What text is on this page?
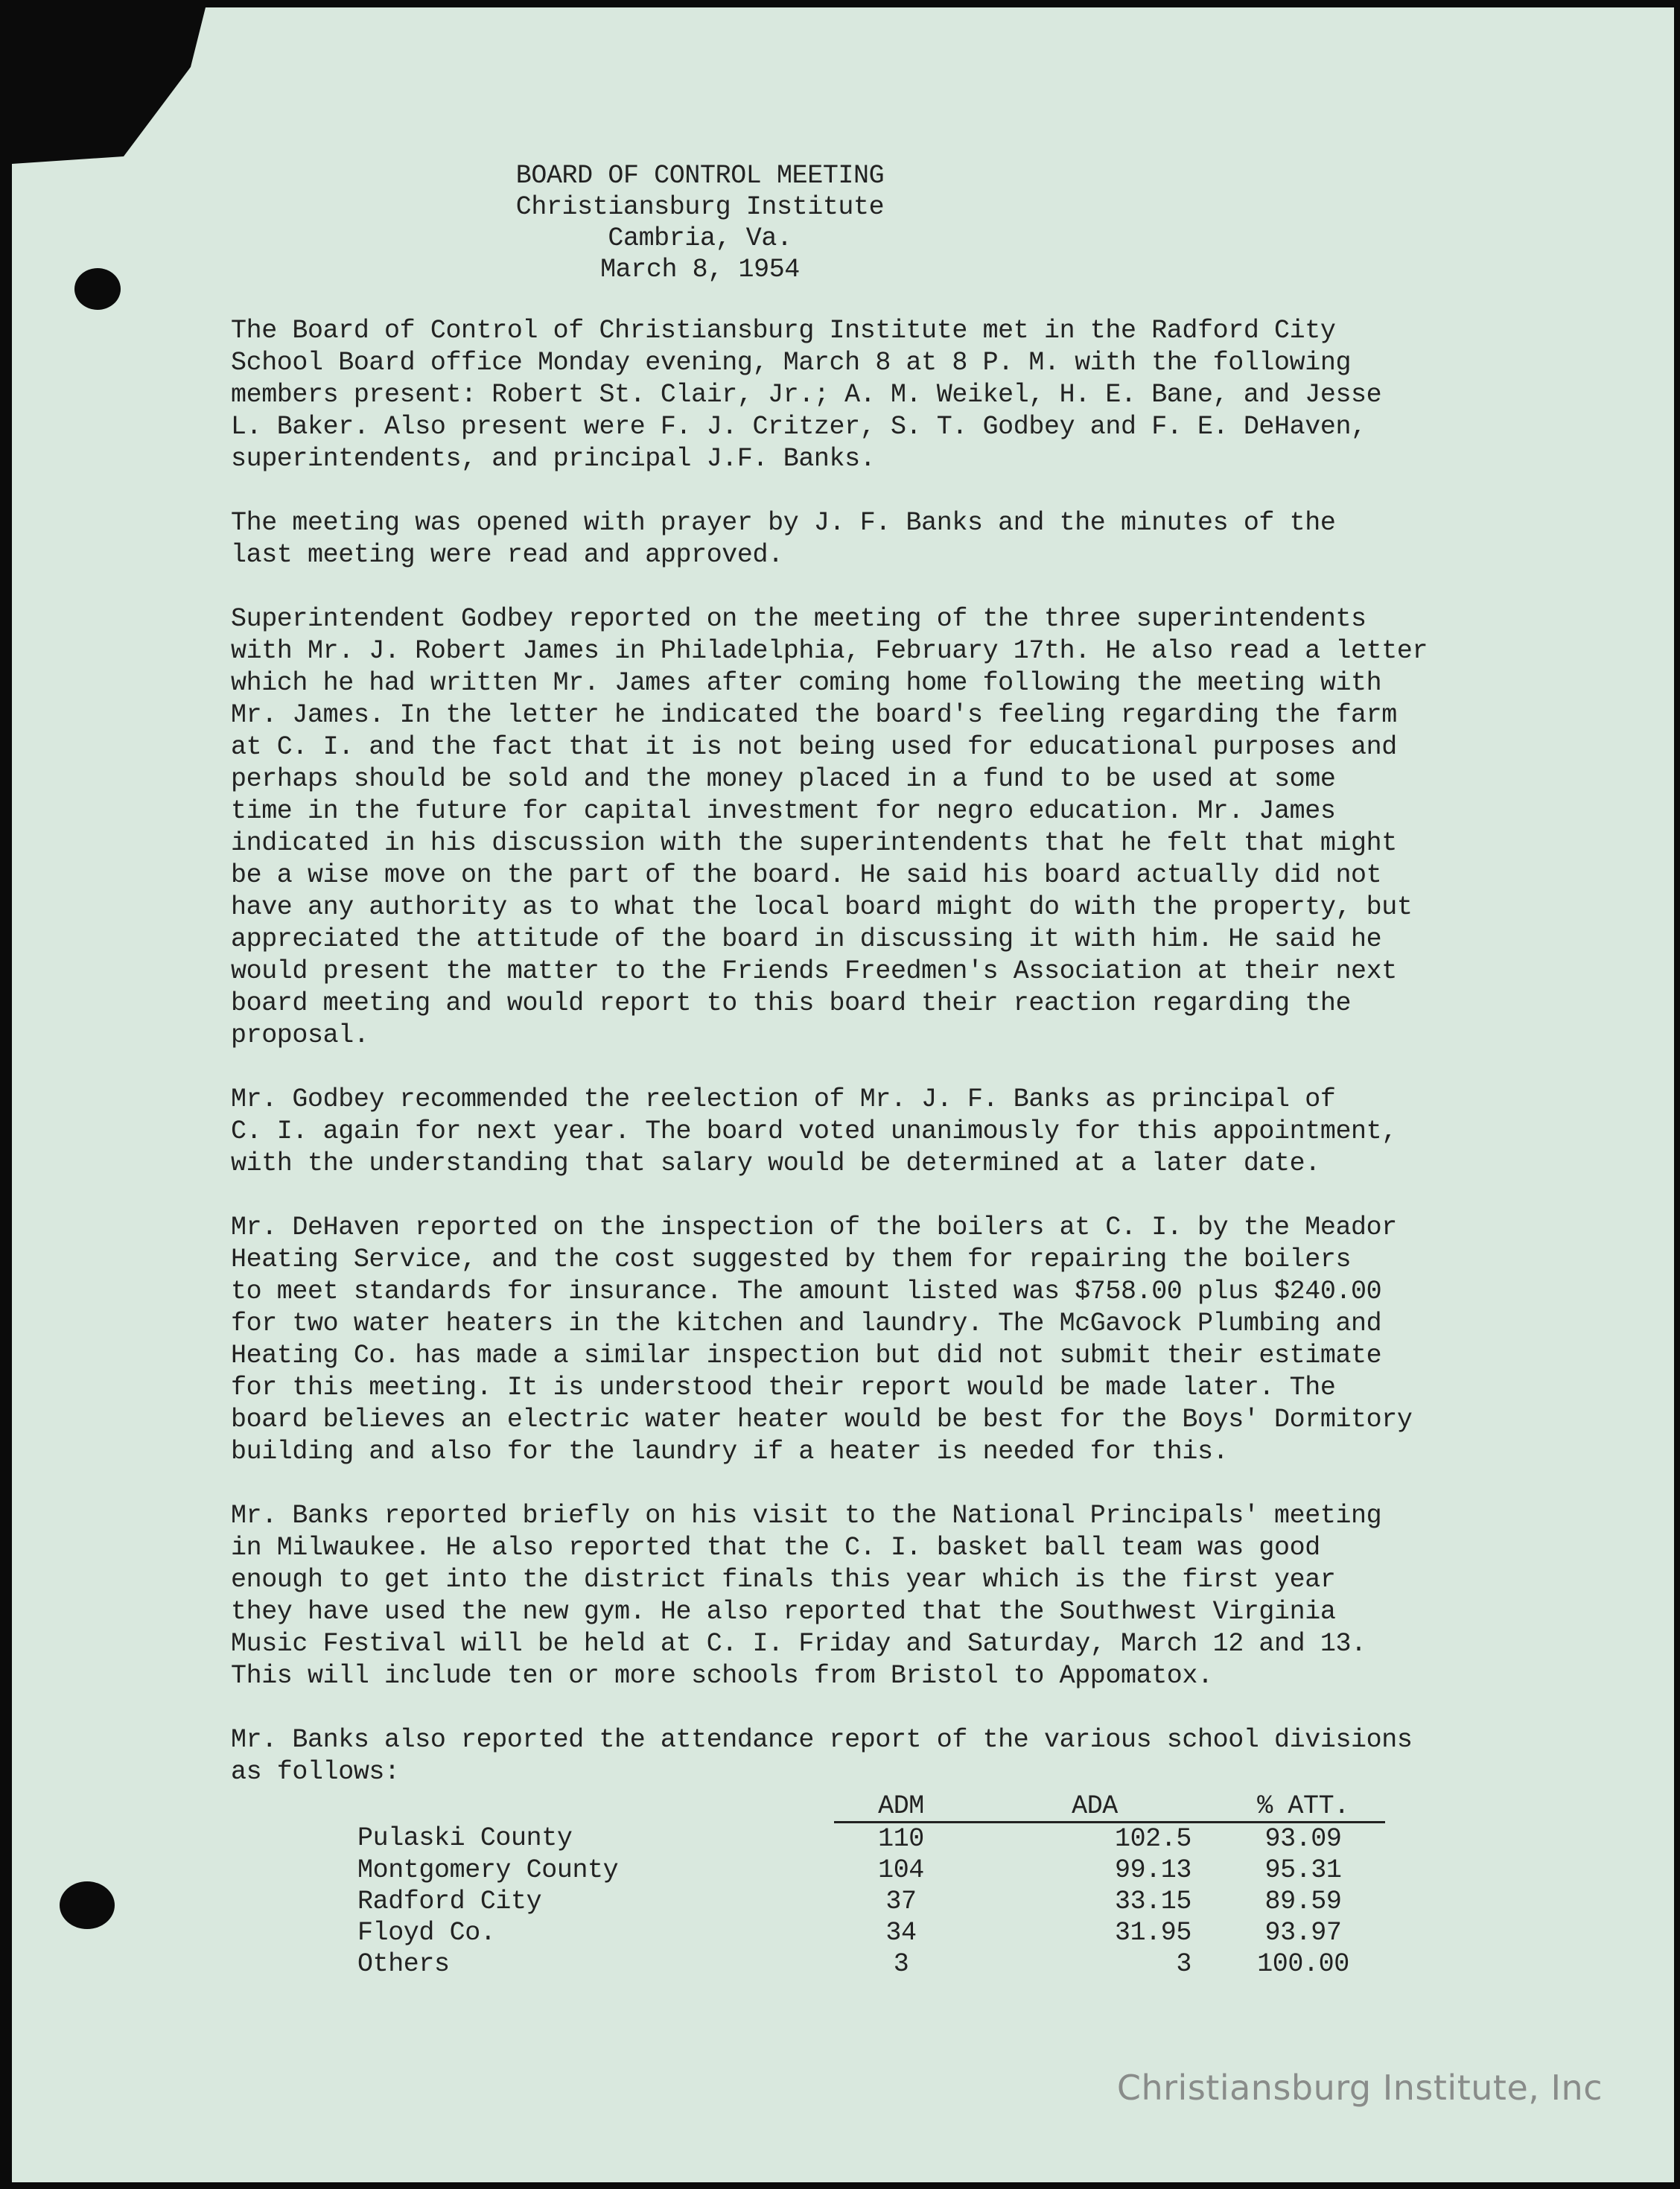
BOARD OF CONTROL MEETING
Christiansburg Institute
Cambria, Va.
March 8, 1954

The Board of Control of Christiansburg Institute met in the Radford City
School Board office Monday evening, March 8 at 8 P. M. with the following
members present: Robert St. Clair, Jr.; A. M. Weikel, H. E. Bane, and Jesse
L. Baker. Also present were F. J. Critzer, S. T. Godbey and F. E. DeHaven,
superintendents, and principal J.F. Banks.

The meeting was opened with prayer by J. F. Banks and the minutes of the
last meeting were read and approved.

Superintendent Godbey reported on the meeting of the three superintendents
with Mr. J. Robert James in Philadelphia, February 17th. He also read a letter
which he had written Mr. James after coming home following the meeting with
Mr. James. In the letter he indicated the board's feeling regarding the farm
at C. I. and the fact that it is not being used for educational purposes and
perhaps should be sold and the money placed in a fund to be used at some
time in the future for capital investment for negro education. Mr. James
indicated in his discussion with the superintendents that he felt that might
be a wise move on the part of the board. He said his board actually did not
have any authority as to what the local board might do with the property, but
appreciated the attitude of the board in discussing it with him. He said he
would present the matter to the Friends Freedmen's Association at their next
board meeting and would report to this board their reaction regarding the
proposal.

Mr. Godbey recommended the reelection of Mr. J. F. Banks as principal of
C. I. again for next year. The board voted unanimously for this appointment,
with the understanding that salary would be determined at a later date.

Mr. DeHaven reported on the inspection of the boilers at C. I. by the Meador
Heating Service, and the cost suggested by them for repairing the boilers
to meet standards for insurance. The amount listed was $758.00 plus $240.00
for two water heaters in the kitchen and laundry. The McGavock Plumbing and
Heating Co. has made a similar inspection but did not submit their estimate
for this meeting. It is understood their report would be made later. The
board believes an electric water heater would be best for the Boys' Dormitory
building and also for the laundry if a heater is needed for this.

Mr. Banks reported briefly on his visit to the National Principals' meeting
in Milwaukee. He also reported that the C. I. basket ball team was good
enough to get into the district finals this year which is the first year
they have used the new gym. He also reported that the Southwest Virginia
Music Festival will be held at C. I. Friday and Saturday, March 12 and 13.
This will include ten or more schools from Bristol to Appomatox.

Mr. Banks also reported the attendance report of the various school divisions
as follows:

	ADM	ADA	% ATT.
Pulaski County	110	102.5	93.09
Montgomery County	104	99.13	95.31
Radford City	37	33.15	89.59
Floyd Co.	34	31.95	93.97
Others	3	3	100.00
Christiansburg Institute, Inc
